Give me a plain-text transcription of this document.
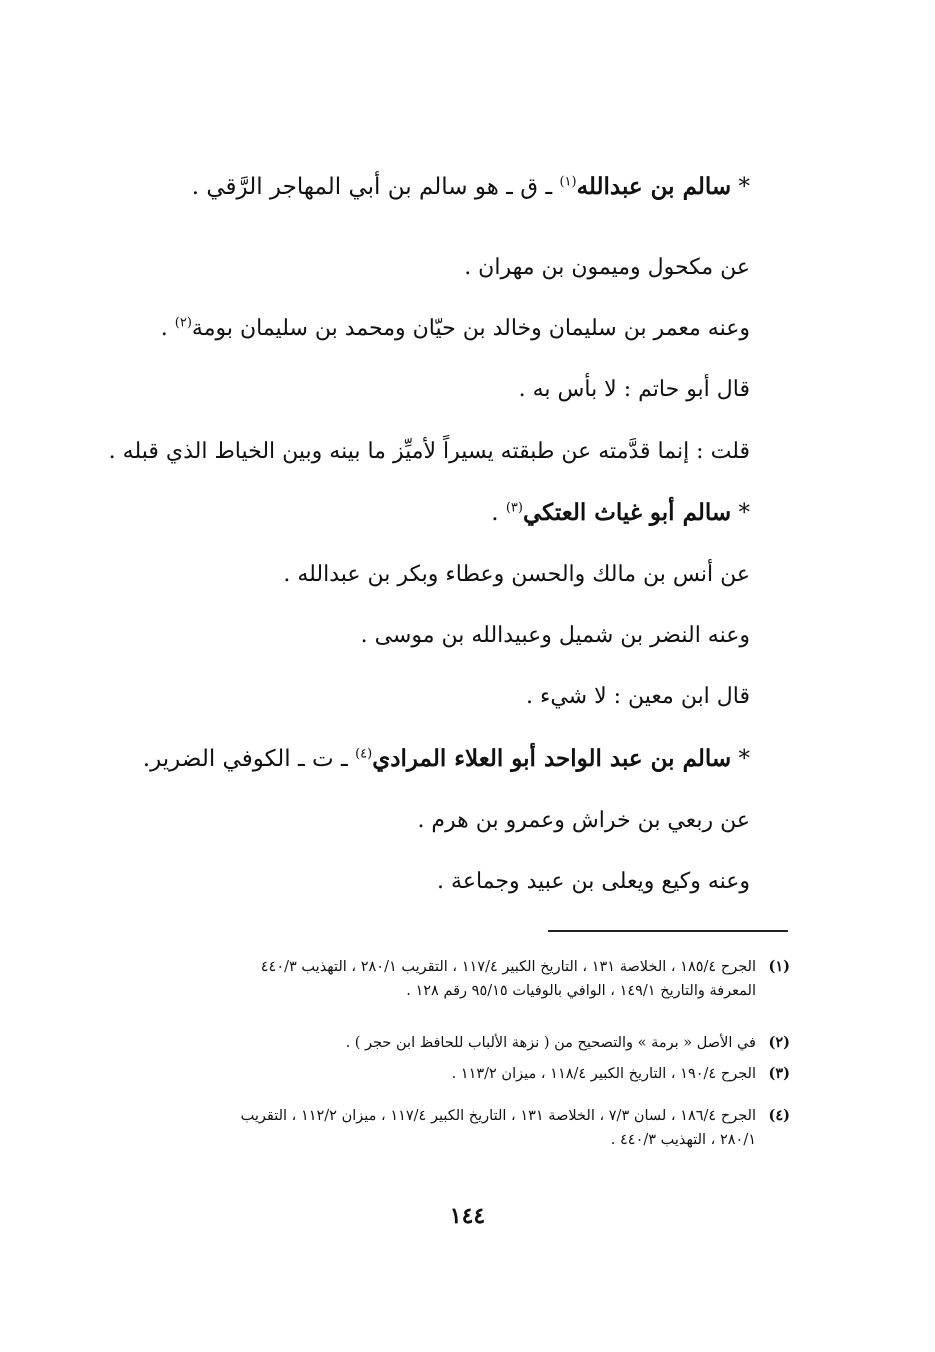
* سالم بن عبدالله$^{(١)}$ ـ ق ـ هو سالم بن أبي المهاجر الرَّقي .
عن مكحول وميمون بن مهران .
وعنه معمر بن سليمان وخالد بن حيّان ومحمد بن سليمان بومة$^{(٢)}$ .
قال أبو حاتم : لا بأس به .
قلت : إنما قدَّمته عن طبقته يسيراً لأميِّز ما بينه وبين الخياط الذي قبله .
* سالم أبو غياث العتكي$^{(٣)}$ .
عن أنس بن مالك والحسن وعطاء وبكر بن عبدالله .
وعنه النضر بن شميل وعبيدالله بن موسى .
قال ابن معين : لا شيء .
* سالم بن عبد الواحد أبو العلاء المرادي$^{(٤)}$ ـ ت ـ الكوفي الضرير.
عن ربعي بن خراش وعمرو بن هرم .
وعنه وكيع ويعلى بن عبيد وجماعة .
(١)الجرح ١٨٥/٤ ، الخلاصة ١٣١ ، التاريخ الكبير ١١٧/٤ ، التقريب ٢٨٠/١ ، التهذيب ٤٤٠/٣
المعرفة والتاريخ ١٤٩/١ ، الوافي بالوفيات ٩٥/١٥ رقم ١٢٨ .
(٢)في الأصل « برمة » والتصحيح من ( نزهة الألباب للحافظ ابن حجر ) .
(٣)الجرح ١٩٠/٤ ، التاريخ الكبير ١١٨/٤ ، ميزان ١١٣/٢ .
(٤)الجرح ١٨٦/٤ ، لسان ٧/٣ ، الخلاصة ١٣١ ، التاريخ الكبير ١١٧/٤ ، ميزان ١١٢/٢ ، التقريب
٢٨٠/١ ، التهذيب ٤٤٠/٣ .
١٤٤
